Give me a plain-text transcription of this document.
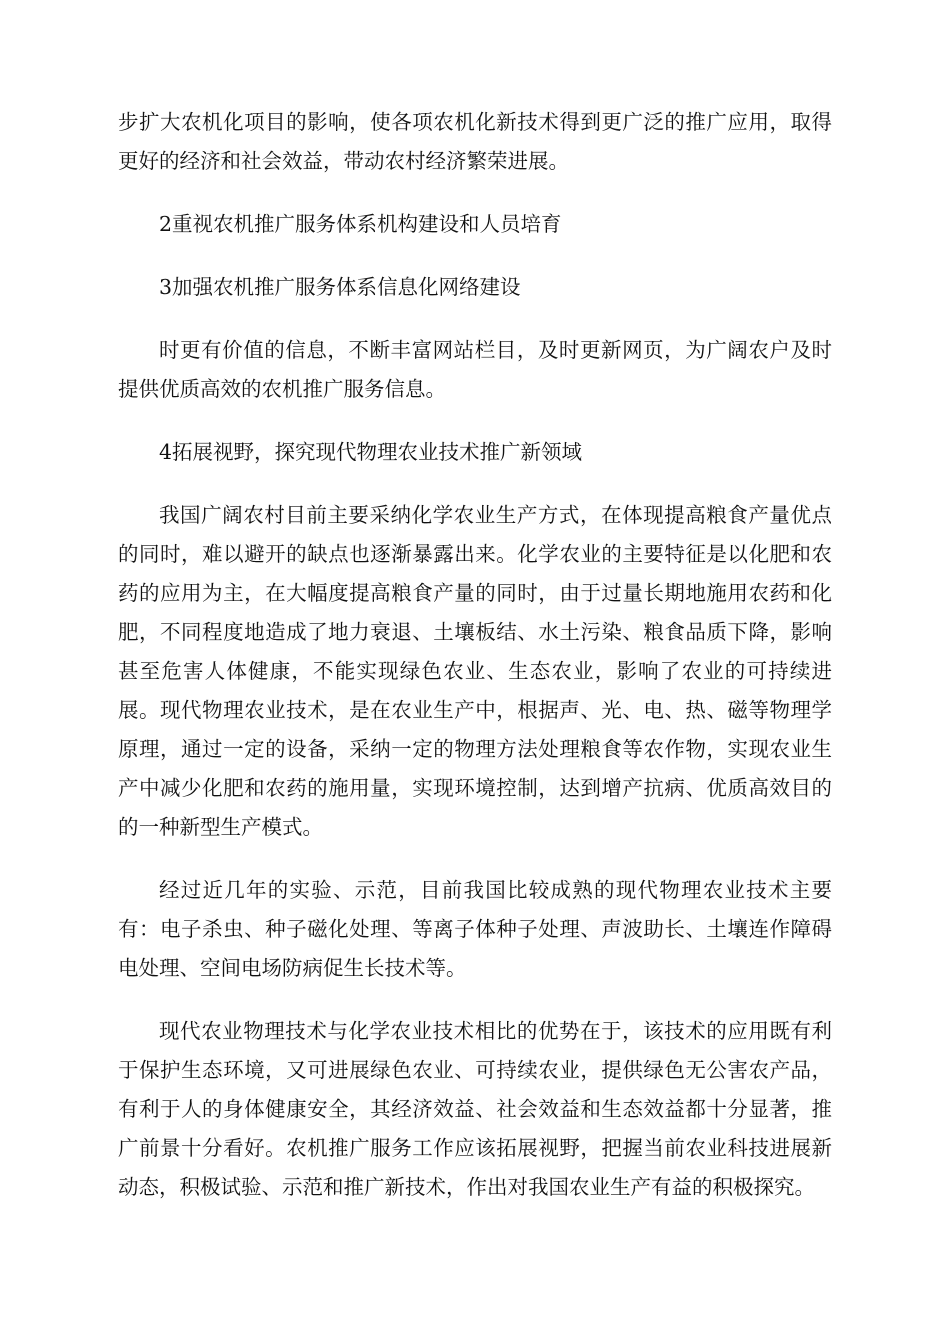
步扩大农机化项目的影响，使各项农机化新技术得到更广泛的推广应用，取得更好的经济和社会效益，带动农村经济繁荣进展。

2重视农机推广服务体系机构建设和人员培育

3加强农机推广服务体系信息化网络建设

时更有价值的信息，不断丰富网站栏目，及时更新网页，为广阔农户及时提供优质高效的农机推广服务信息。

4拓展视野，探究现代物理农业技术推广新领域

我国广阔农村目前主要采纳化学农业生产方式，在体现提高粮食产量优点的同时，难以避开的缺点也逐渐暴露出来。化学农业的主要特征是以化肥和农药的应用为主，在大幅度提高粮食产量的同时，由于过量长期地施用农药和化肥，不同程度地造成了地力衰退、土壤板结、水土污染、粮食品质下降，影响甚至危害人体健康，不能实现绿色农业、生态农业，影响了农业的可持续进展。现代物理农业技术，是在农业生产中，根据声、光、电、热、磁等物理学原理，通过一定的设备，采纳一定的物理方法处理粮食等农作物，实现农业生产中减少化肥和农药的施用量，实现环境控制，达到增产抗病、优质高效目的的一种新型生产模式。

经过近几年的实验、示范，目前我国比较成熟的现代物理农业技术主要有：电子杀虫、种子磁化处理、等离子体种子处理、声波助长、土壤连作障碍电处理、空间电场防病促生长技术等。

现代农业物理技术与化学农业技术相比的优势在于，该技术的应用既有利于保护生态环境，又可进展绿色农业、可持续农业，提供绿色无公害农产品，有利于人的身体健康安全，其经济效益、社会效益和生态效益都十分显著，推广前景十分看好。农机推广服务工作应该拓展视野，把握当前农业科技进展新动态，积极试验、示范和推广新技术，作出对我国农业生产有益的积极探究。
